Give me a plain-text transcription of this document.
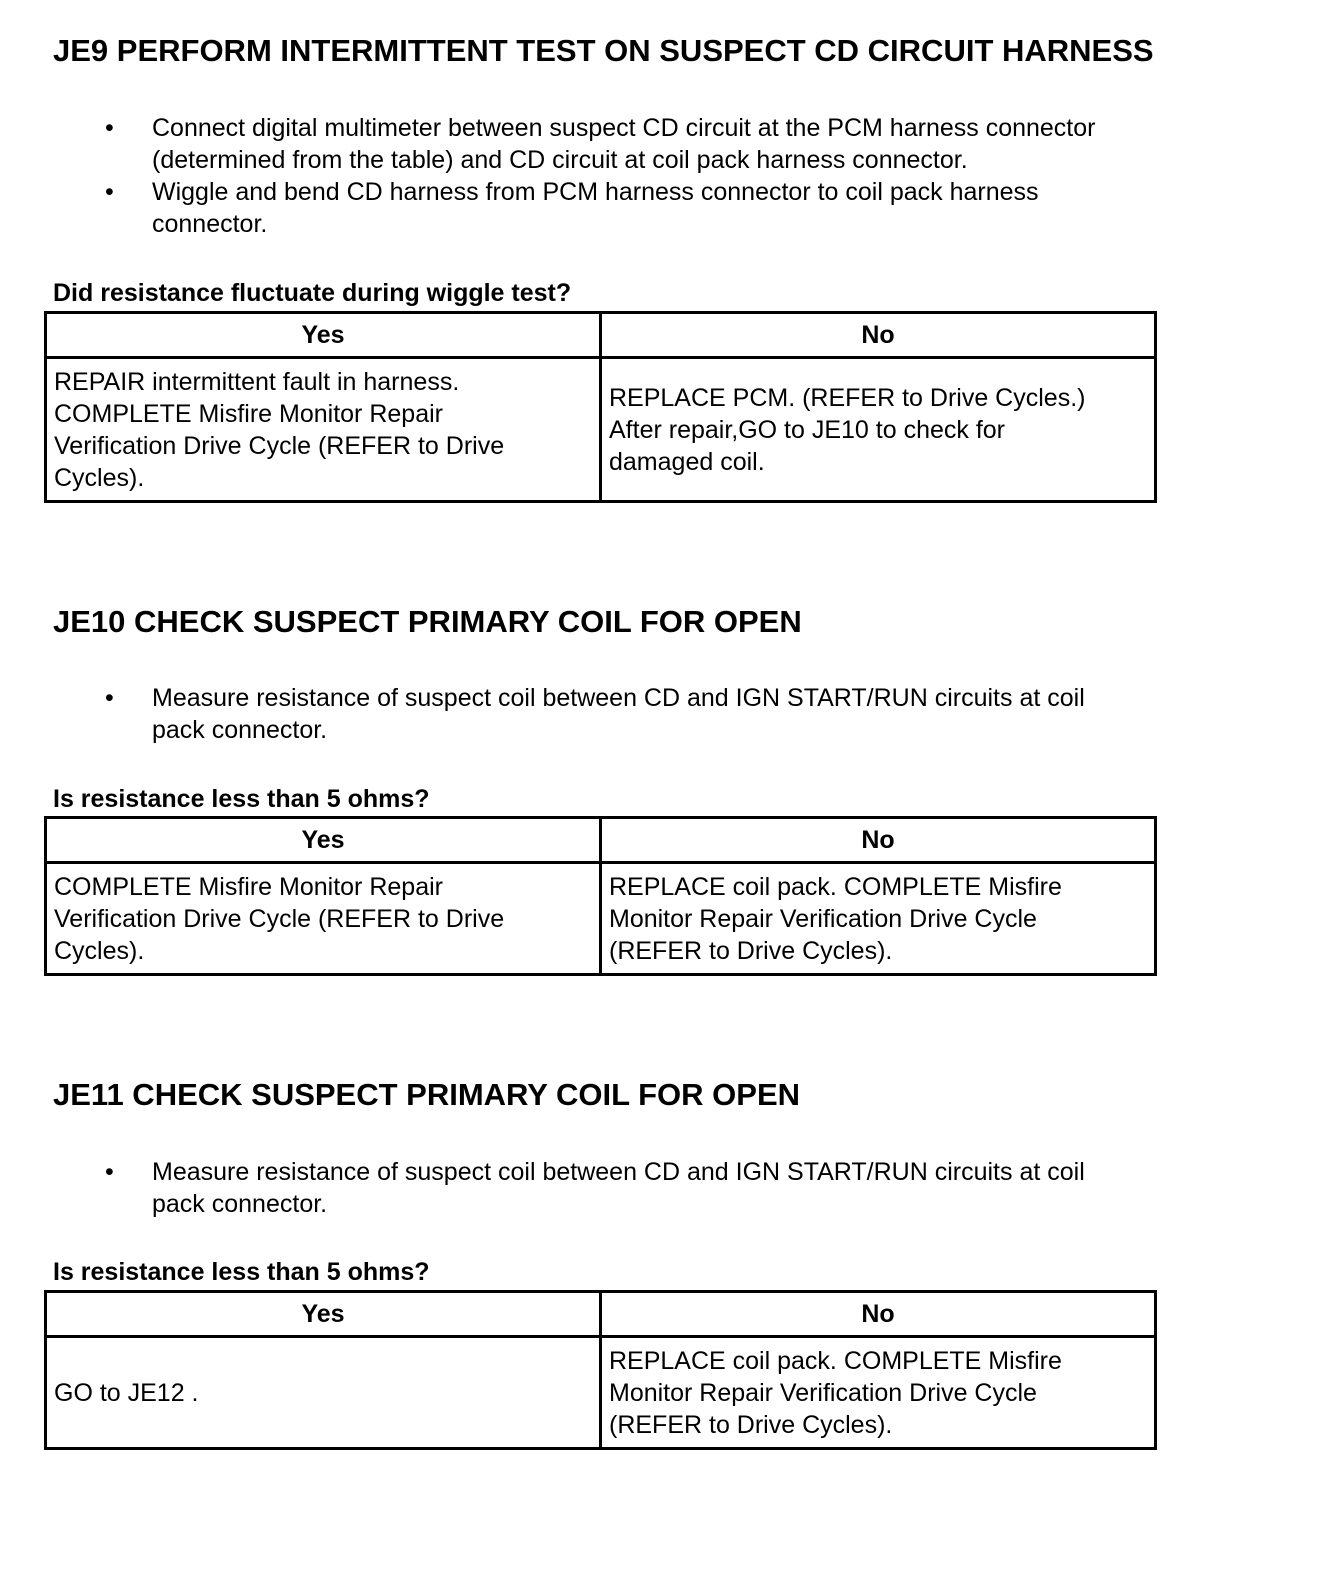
JE9 PERFORM INTERMITTENT TEST ON SUSPECT CD CIRCUIT HARNESS
• Connect digital multimeter between suspect CD circuit at the PCM harness connector
(determined from the table) and CD circuit at coil pack harness connector.
• Wiggle and bend CD harness from PCM harness connector to coil pack harness
connector.

Did resistance fluctuate during wiggle test?

Yes	No

REPAIR intermittent fault in harness.
COMPLETE Misfire Monitor Repair
Verification Drive Cycle (REFER to Drive
Cycles).	REPLACE PCM. (REFER to Drive Cycles.)
After repair,GO to JE10 to check for
damaged coil.
JE10 CHECK SUSPECT PRIMARY COIL FOR OPEN
• Measure resistance of suspect coil between CD and IGN START/RUN circuits at coil
pack connector.

Is resistance less than 5 ohms?

Yes	No

COMPLETE Misfire Monitor Repair
Verification Drive Cycle (REFER to Drive
Cycles).	REPLACE coil pack. COMPLETE Misfire
Monitor Repair Verification Drive Cycle
(REFER to Drive Cycles).
JE11 CHECK SUSPECT PRIMARY COIL FOR OPEN
• Measure resistance of suspect coil between CD and IGN START/RUN circuits at coil
pack connector.

Is resistance less than 5 ohms?

Yes	No

GO to JE12 .	REPLACE coil pack. COMPLETE Misfire
Monitor Repair Verification Drive Cycle
(REFER to Drive Cycles).
